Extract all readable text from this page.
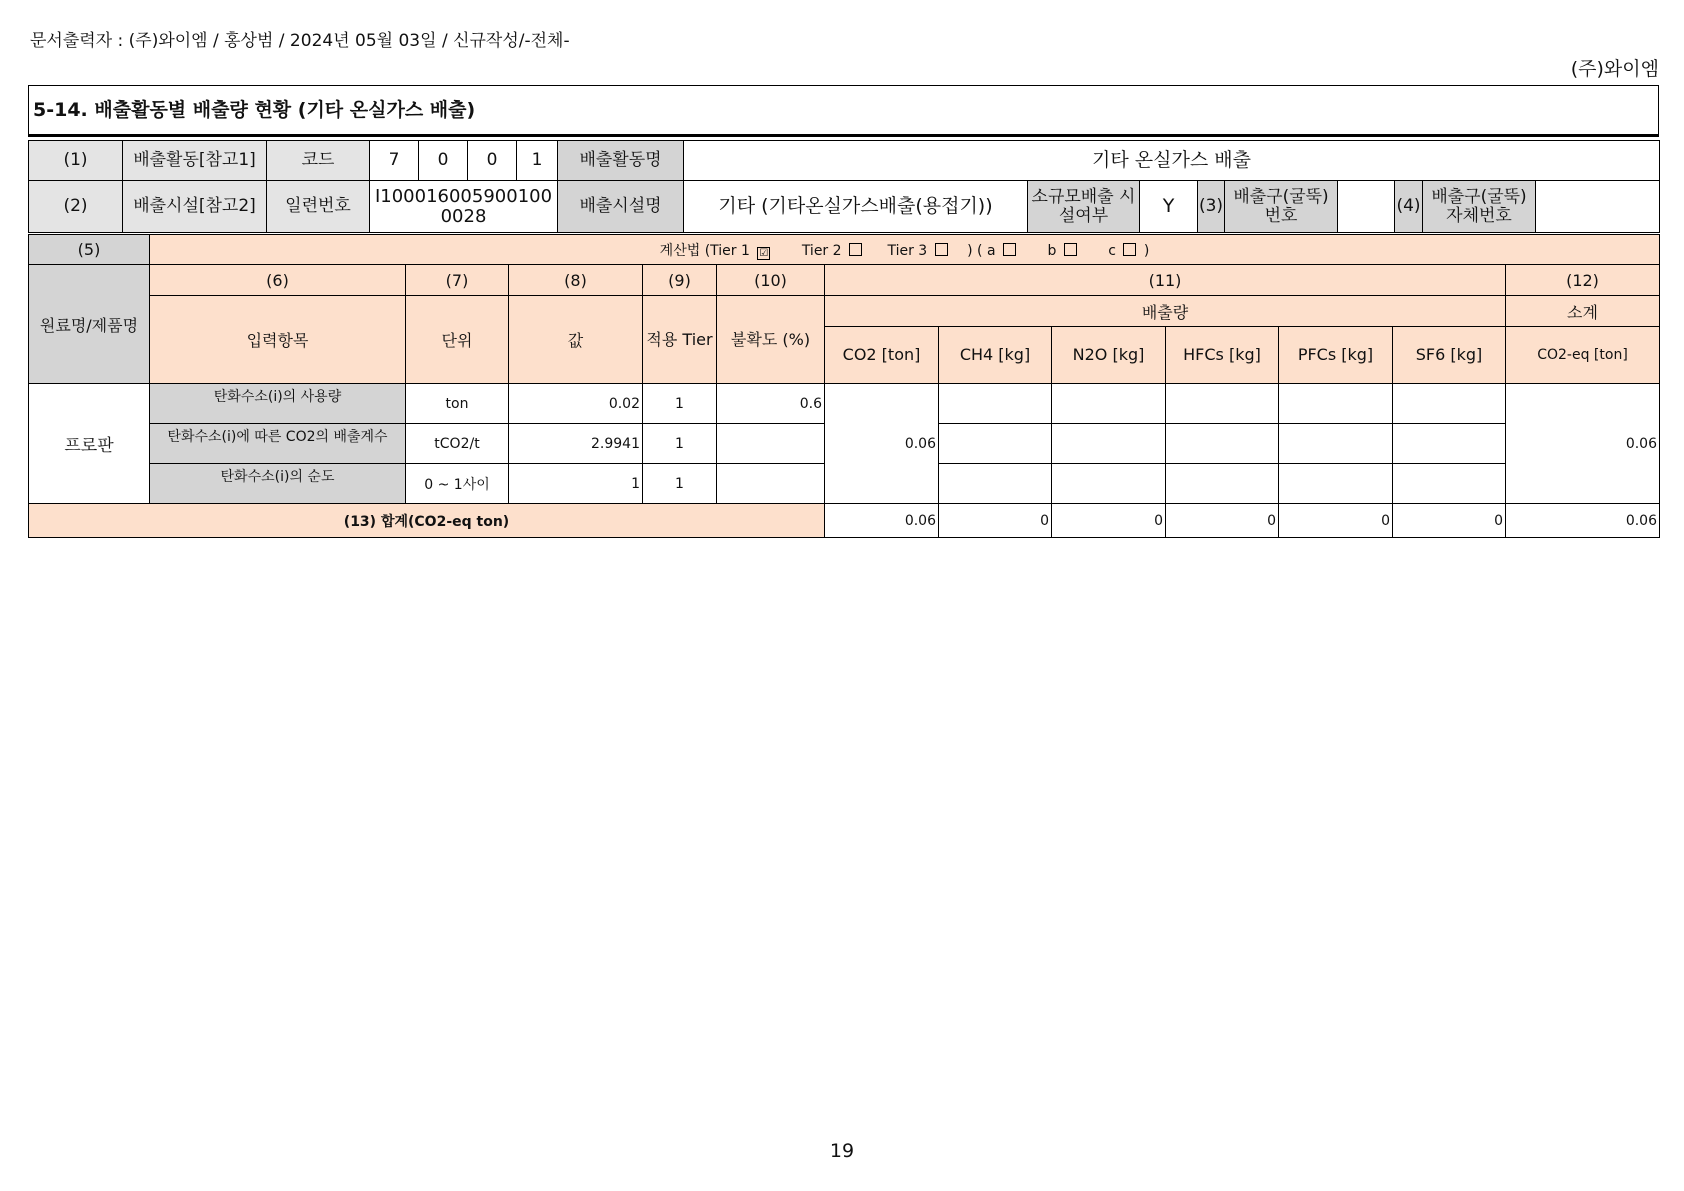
문서출력자 : (주)와이엠 / 홍상범 / 2024년 05월 03일 / 신규작성/-전체-
(주)와이엠
5-14. 배출활동별 배출량 현황 (기타 온실가스 배출)
(1)	배출활동[참고1]	코드	7	0	0	1	배출활동명	기타 온실가스 배출								
(2)	배출시설[참고2]	일련번호	I100016005900100 0028				배출시설명	기타 (기타온실가스배출(용접기))	소규모배출 시설여부	Y	(3)	배출구(굴뚝) 번호		(4)	배출구(굴뚝) 자체번호	
(5)	계산법 (Tier 1 ☑ Tier 2 Tier 3 ) ( a b c )											
원료명/제품명	(6)	(7)	(8)	(9)	(10)	(11)						(12)
	입력항목	단위	값	적용 Tier	불확도 (%)	배출량						소계
						CO2 [ton]	CH4 [kg]	N2O [kg]	HFCs [kg]	PFCs [kg]	SF6 [kg]	CO2-eq [ton]
프로판	탄화수소(i)의 사용량	ton	0.02	1	0.6	0.06						0.06
	탄화수소(i)에 따른 CO2의 배출계수	tCO2/t	2.9941	1								
	탄화수소(i)의 순도	0 ~ 1사이	1	1								
(13) 합계(CO2-eq ton)						0.06	0	0	0	0	0	0.06
19
